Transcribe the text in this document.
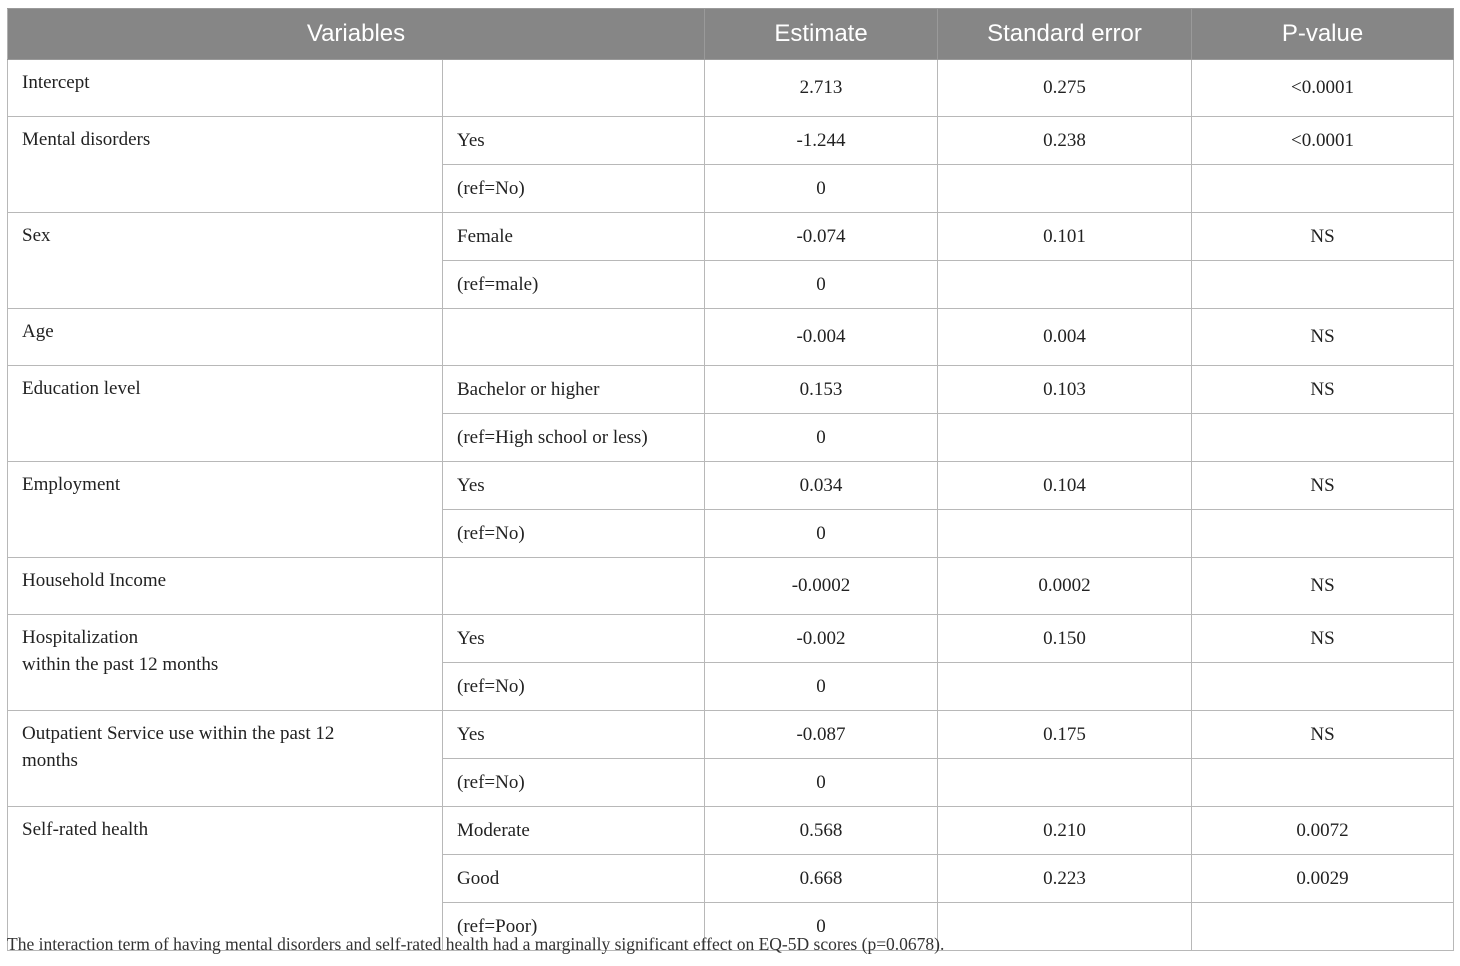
Variables		Estimate	Standard error	P-value
Intercept		2.713	0.275	<0.0001
Mental disorders	Yes	-1.244	0.238	<0.0001
	(ref=No)	0		
Sex	Female	-0.074	0.101	NS
	(ref=male)	0		
Age		-0.004	0.004	NS
Education level	Bachelor or higher	0.153	0.103	NS
	(ref=High school or less)	0		
Employment	Yes	0.034	0.104	NS
	(ref=No)	0		
Household Income		-0.0002	0.0002	NS
Hospitalization
within the past 12 months	Yes	-0.002	0.150	NS
	(ref=No)	0		
Outpatient Service use within the past 12
months	Yes	-0.087	0.175	NS
	(ref=No)	0		
Self-rated health	Moderate	0.568	0.210	0.0072
	Good	0.668	0.223	0.0029
	(ref=Poor)	0		

The interaction term of having mental disorders and self-rated health had a marginally significant effect on EQ-5D scores (p=0.0678).
